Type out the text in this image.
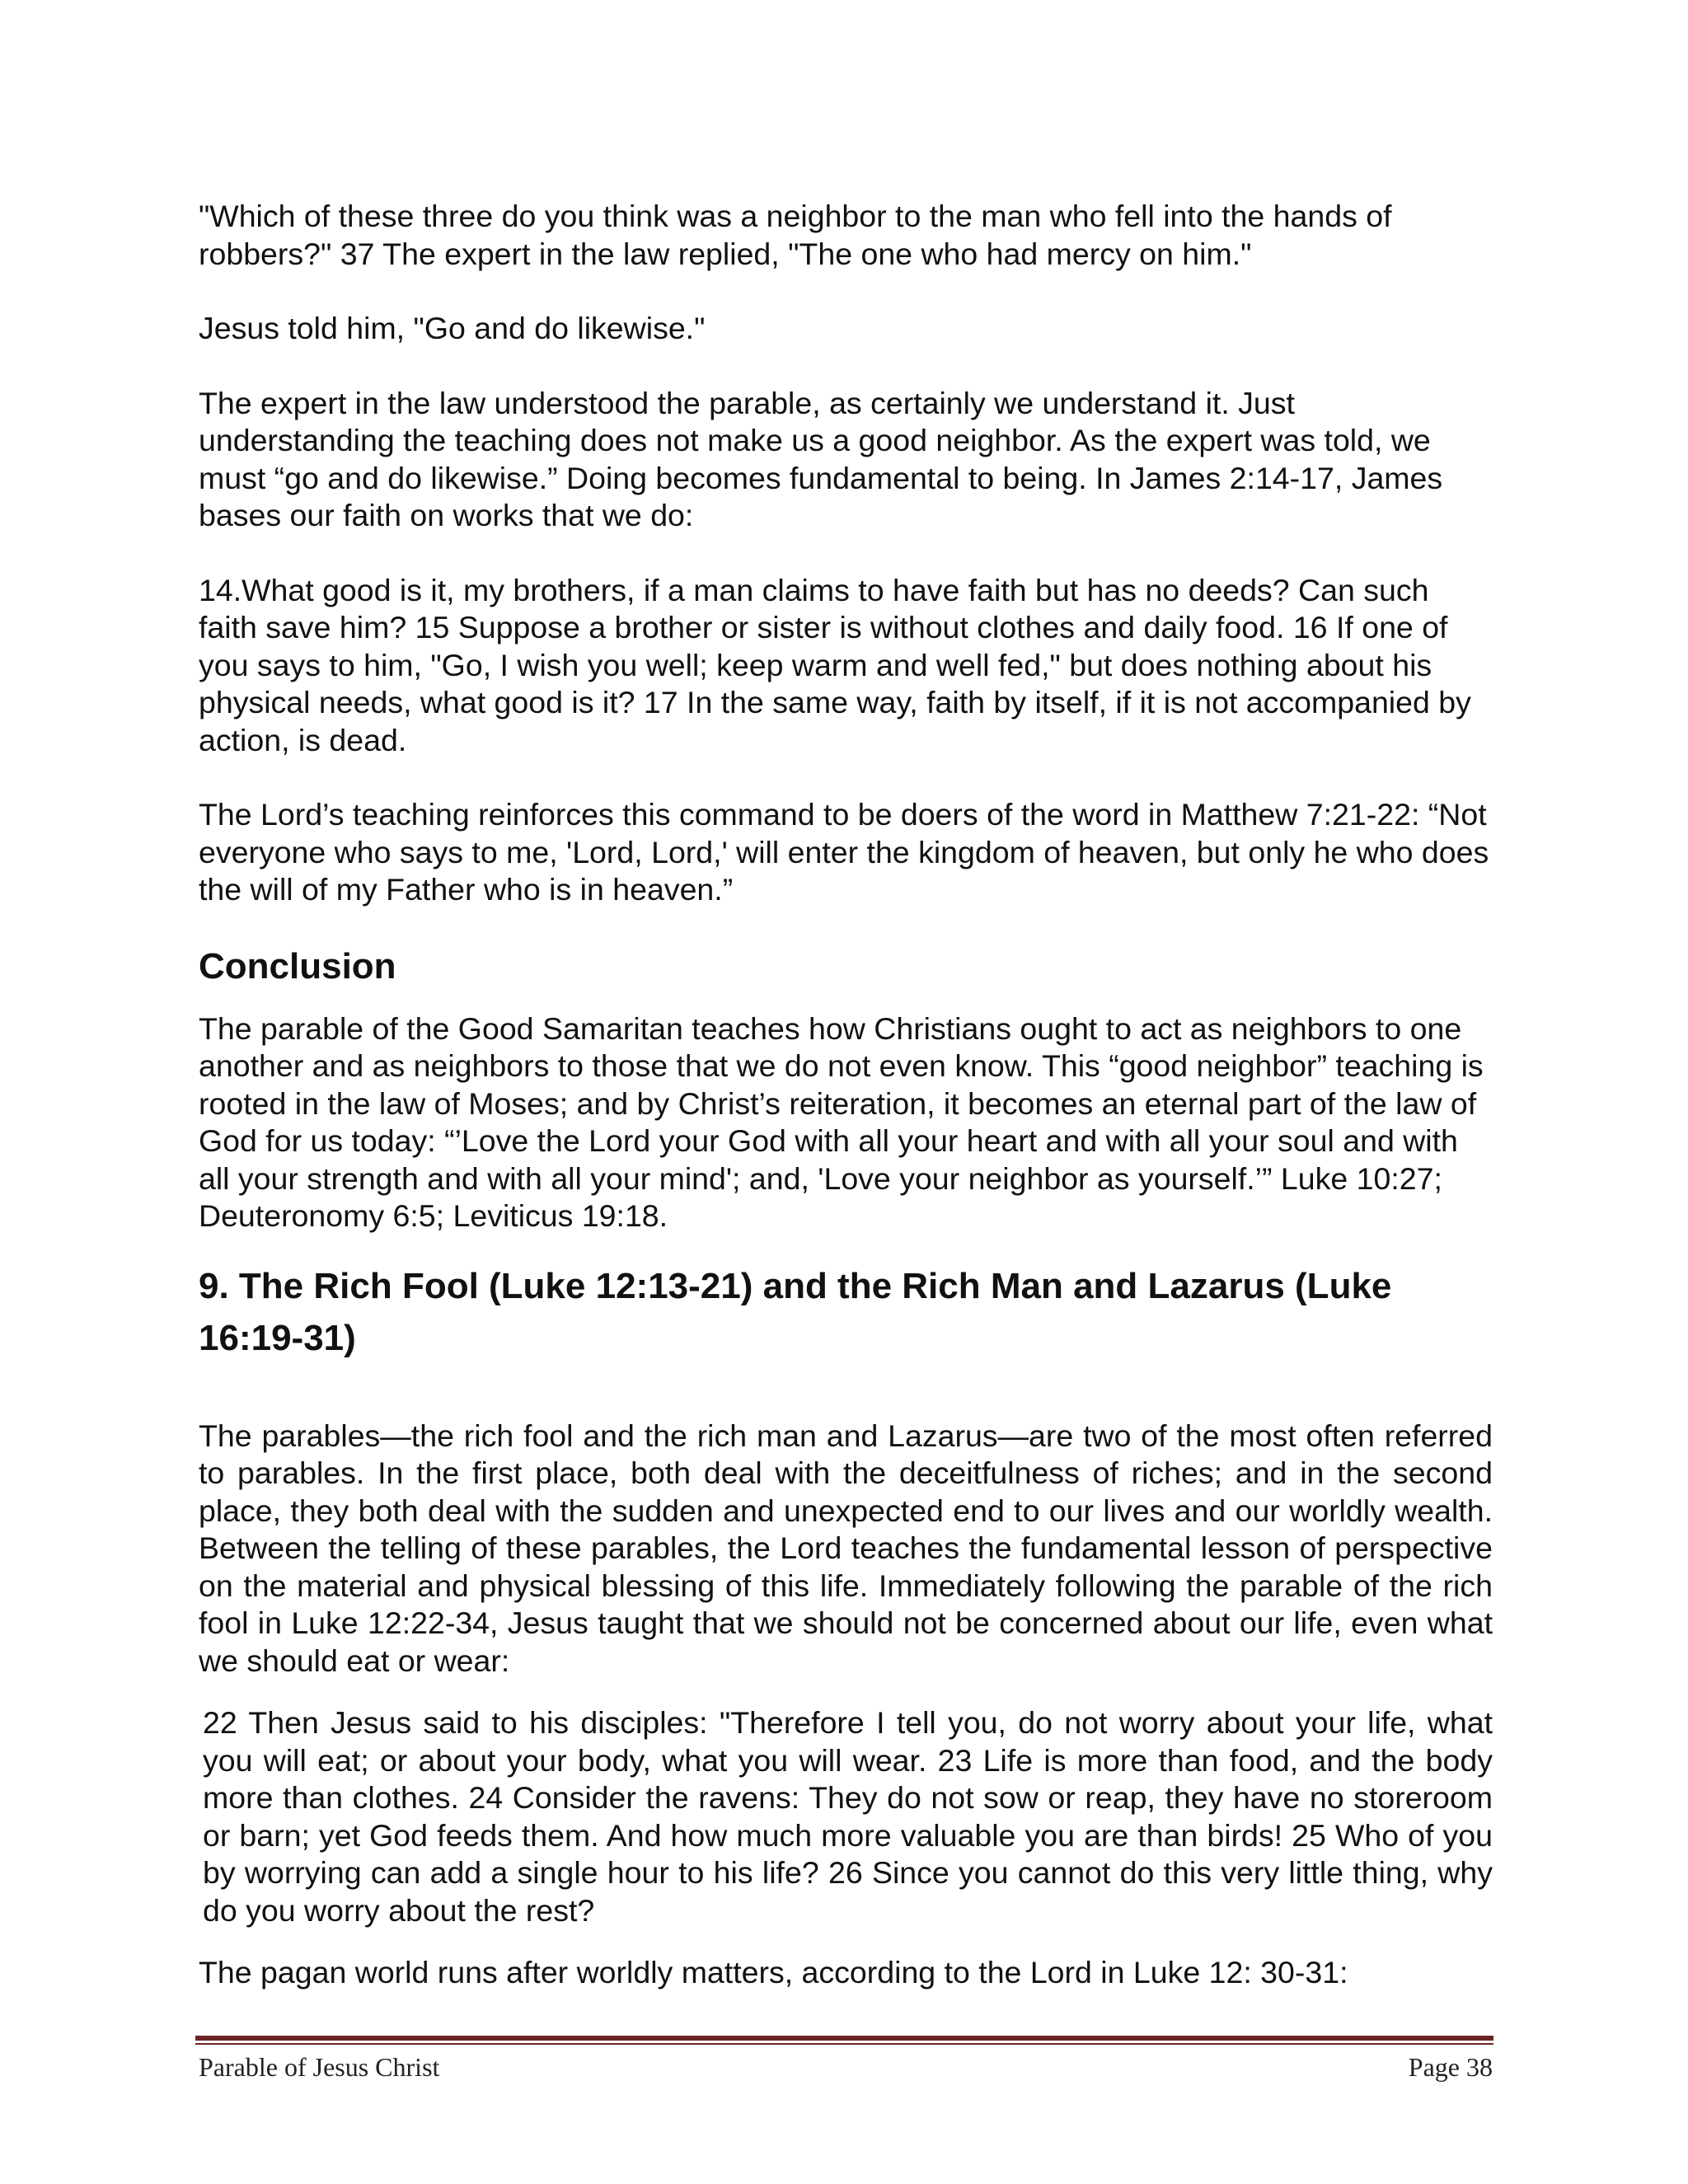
"Which of these three do you think was a neighbor to the man who fell into the hands of robbers?" 37 The expert in the law replied, "The one who had mercy on him."

Jesus told him, "Go and do likewise."

The expert in the law understood the parable, as certainly we understand it. Just understanding the teaching does not make us a good neighbor. As the expert was told, we must “go and do likewise.” Doing becomes fundamental to being. In James 2:14-17, James bases our faith on works that we do:

14.What good is it, my brothers, if a man claims to have faith but has no deeds? Can such faith save him? 15 Suppose a brother or sister is without clothes and daily food. 16 If one of you says to him, "Go, I wish you well; keep warm and well fed," but does nothing about his physical needs, what good is it? 17 In the same way, faith by itself, if it is not accompanied by action, is dead.

The Lord’s teaching reinforces this command to be doers of the word in Matthew 7:21-22: “Not everyone who says to me, 'Lord, Lord,' will enter the kingdom of heaven, but only he who does the will of my Father who is in heaven.”

Conclusion

The parable of the Good Samaritan teaches how Christians ought to act as neighbors to one another and as neighbors to those that we do not even know. This “good neighbor” teaching is rooted in the law of Moses; and by Christ’s reiteration, it becomes an eternal part of the law of God for us today: “’Love the Lord your God with all your heart and with all your soul and with all your strength and with all your mind'; and, 'Love your neighbor as yourself.’” Luke 10:27; Deuteronomy 6:5; Leviticus 19:18.

9. The Rich Fool (Luke 12:13-21) and the Rich Man and Lazarus (Luke 16:19-31)

The parables—the rich fool and the rich man and Lazarus—are two of the most often referred to parables. In the first place, both deal with the deceitfulness of riches; and in the second place, they both deal with the sudden and unexpected end to our lives and our worldly wealth. Between the telling of these parables, the Lord teaches the fundamental lesson of perspective on the material and physical blessing of this life. Immediately following the parable of the rich fool in Luke 12:22-34, Jesus taught that we should not be concerned about our life, even what we should eat or wear:

22 Then Jesus said to his disciples: "Therefore I tell you, do not worry about your life, what you will eat; or about your body, what you will wear. 23 Life is more than food, and the body more than clothes. 24 Consider the ravens: They do not sow or reap, they have no storeroom or barn; yet God feeds them. And how much more valuable you are than birds! 25 Who of you by worrying can add a single hour to his life? 26 Since you cannot do this very little thing, why do you worry about the rest?

The pagan world runs after worldly matters, according to the Lord in Luke 12: 30-31:

Parable of Jesus Christ	Page 38
